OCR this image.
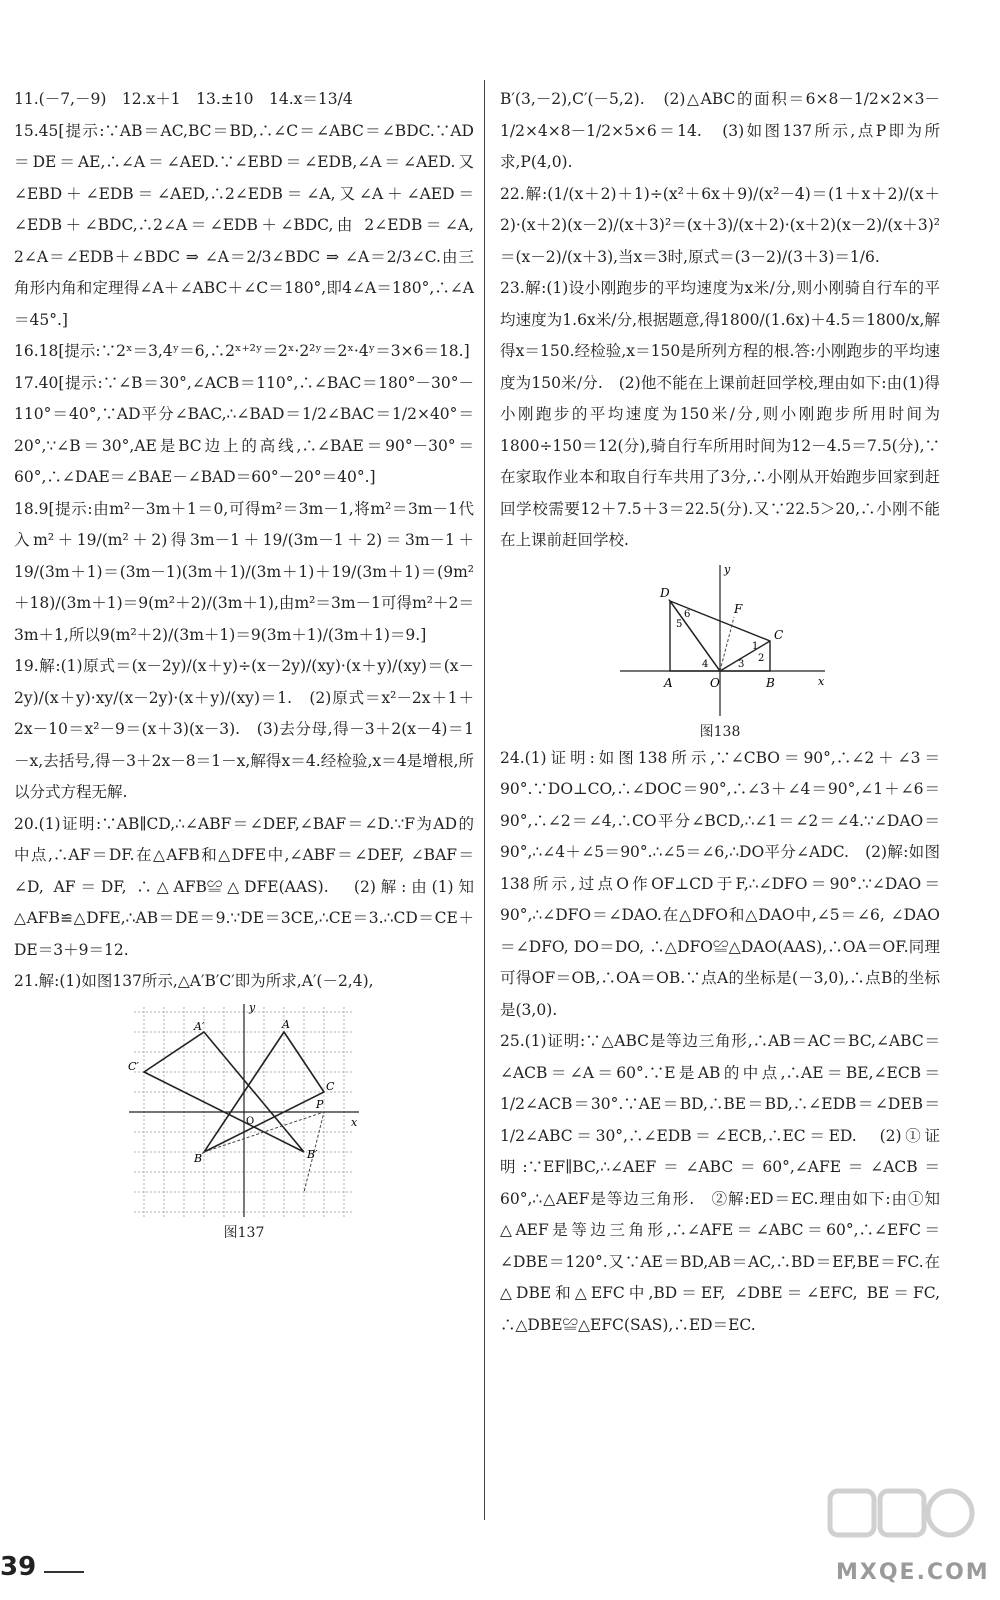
11.(－7,－9)　12.x＋1　13.±10　14.x＝13/4

15.45[提示:∵AB＝AC,BC＝BD,∴∠C＝∠ABC＝∠BDC.∵AD＝DE＝AE,∴∠A＝∠AED.∵∠EBD＝∠EDB,∠A＝∠AED.又∠EBD＋∠EDB＝∠AED,∴2∠EDB＝∠A,又∠A＋∠AED＝∠EDB＋∠BDC,∴2∠A＝∠EDB＋∠BDC,由 2∠EDB＝∠A, 2∠A＝∠EDB＋∠BDC ⇒ ∠A＝2/3∠BDC ⇒ ∠A＝2/3∠C.由三角形内角和定理得∠A＋∠ABC＋∠C＝180°,即4∠A＝180°,∴∠A＝45°.]

16.18[提示:∵2ˣ＝3,4ʸ＝6,∴2ˣ⁺²ʸ＝2ˣ·2²ʸ＝2ˣ·4ʸ＝3×6＝18.]

17.40[提示:∵∠B＝30°,∠ACB＝110°,∴∠BAC＝180°－30°－110°＝40°,∵AD平分∠BAC,∴∠BAD＝1/2∠BAC＝1/2×40°＝20°,∵∠B＝30°,AE是BC边上的高线,∴∠BAE＝90°－30°＝60°,∴∠DAE＝∠BAE－∠BAD＝60°－20°＝40°.]

18.9[提示:由m²－3m＋1＝0,可得m²＝3m－1,将m²＝3m－1代入m²＋19/(m²＋2)得3m－1＋19/(3m－1＋2)＝3m－1＋19/(3m＋1)＝(3m－1)(3m＋1)/(3m＋1)＋19/(3m＋1)＝(9m²＋18)/(3m＋1)＝9(m²＋2)/(3m＋1),由m²＝3m－1可得m²＋2＝3m＋1,所以9(m²＋2)/(3m＋1)＝9(3m＋1)/(3m＋1)＝9.]

19.解:(1)原式＝(x－2y)/(x＋y)÷(x－2y)/(xy)·(x＋y)/(xy)＝(x－2y)/(x＋y)·xy/(x－2y)·(x＋y)/(xy)＝1.　(2)原式＝x²－2x＋1＋2x－10＝x²－9＝(x＋3)(x－3).　(3)去分母,得－3＋2(x－4)＝1－x,去括号,得－3＋2x－8＝1－x,解得x＝4.经检验,x＝4是增根,所以分式方程无解.

20.(1)证明:∵AB∥CD,∴∠ABF＝∠DEF,∠BAF＝∠D.∵F为AD的中点,∴AF＝DF.在△AFB和△DFE中,∠ABF＝∠DEF, ∠BAF＝∠D, AF＝DF, ∴△AFB≌△DFE(AAS).　(2)解:由(1)知△AFB≌△DFE,∴AB＝DE＝9.∵DE＝3CE,∴CE＝3.∴CD＝CE＋DE＝3＋9＝12.

21.解:(1)如图137所示,△A′B′C′即为所求,A′(－2,4),

x
y
O
A
B
C
A′
B′
C′
P
图137

B′(3,－2),C′(－5,2).　(2)△ABC的面积＝6×8－1/2×2×3－1/2×4×8－1/2×5×6＝14.　(3)如图137所示,点P即为所求,P(4,0).

22.解:(1/(x＋2)＋1)÷(x²＋6x＋9)/(x²－4)＝(1＋x＋2)/(x＋2)·(x＋2)(x－2)/(x＋3)²＝(x＋3)/(x＋2)·(x＋2)(x－2)/(x＋3)²＝(x－2)/(x＋3),当x＝3时,原式＝(3－2)/(3＋3)＝1/6.

23.解:(1)设小刚跑步的平均速度为x米/分,则小刚骑自行车的平均速度为1.6x米/分,根据题意,得1800/(1.6x)＋4.5＝1800/x,解得x＝150.经检验,x＝150是所列方程的根.答:小刚跑步的平均速度为150米/分.　(2)他不能在上课前赶回学校,理由如下:由(1)得小刚跑步的平均速度为150米/分,则小刚跑步所用时间为1800÷150＝12(分),骑自行车所用时间为12－4.5＝7.5(分),∵在家取作业本和取自行车共用了3分,∴小刚从开始跑步回家到赶回学校需要12＋7.5＋3＝22.5(分).又∵22.5＞20,∴小刚不能在上课前赶回学校.

x
y
D
F
C
A	O	B
1
2
3
4
5
6
图138

24.(1)证明:如图138所示,∵∠CBO＝90°,∴∠2＋∠3＝90°.∵DO⊥CO,∴∠DOC＝90°,∴∠3＋∠4＝90°,∠1＋∠6＝90°,∴∠2＝∠4,∴CO平分∠BCD,∴∠1＝∠2＝∠4.∵∠DAO＝90°,∴∠4＋∠5＝90°.∴∠5＝∠6,∴DO平分∠ADC.　(2)解:如图138所示,过点O作OF⊥CD于F,∴∠DFO＝90°.∵∠DAO＝90°,∴∠DFO＝∠DAO.在△DFO和△DAO中,∠5＝∠6, ∠DAO＝∠DFO, DO＝DO, ∴△DFO≌△DAO(AAS),∴OA＝OF.同理可得OF＝OB,∴OA＝OB.∵点A的坐标是(－3,0),∴点B的坐标是(3,0).

25.(1)证明:∵△ABC是等边三角形,∴AB＝AC＝BC,∠ABC＝∠ACB＝∠A＝60°.∵E是AB的中点,∴AE＝BE,∠ECB＝1/2∠ACB＝30°.∵AE＝BD,∴BE＝BD,∴∠EDB＝∠DEB＝1/2∠ABC＝30°,∴∠EDB＝∠ECB,∴EC＝ED.　(2)①证明:∵EF∥BC,∴∠AEF＝∠ABC＝60°,∠AFE＝∠ACB＝60°,∴△AEF是等边三角形.　②解:ED＝EC.理由如下:由①知△AEF是等边三角形,∴∠AFE＝∠ABC＝60°,∴∠EFC＝∠DBE＝120°.又∵AE＝BD,AB＝AC,∴BD＝EF,BE＝FC.在△DBE和△EFC中,BD＝EF, ∠DBE＝∠EFC, BE＝FC, ∴△DBE≌△EFC(SAS),∴ED＝EC.

39	MXQE.COM
